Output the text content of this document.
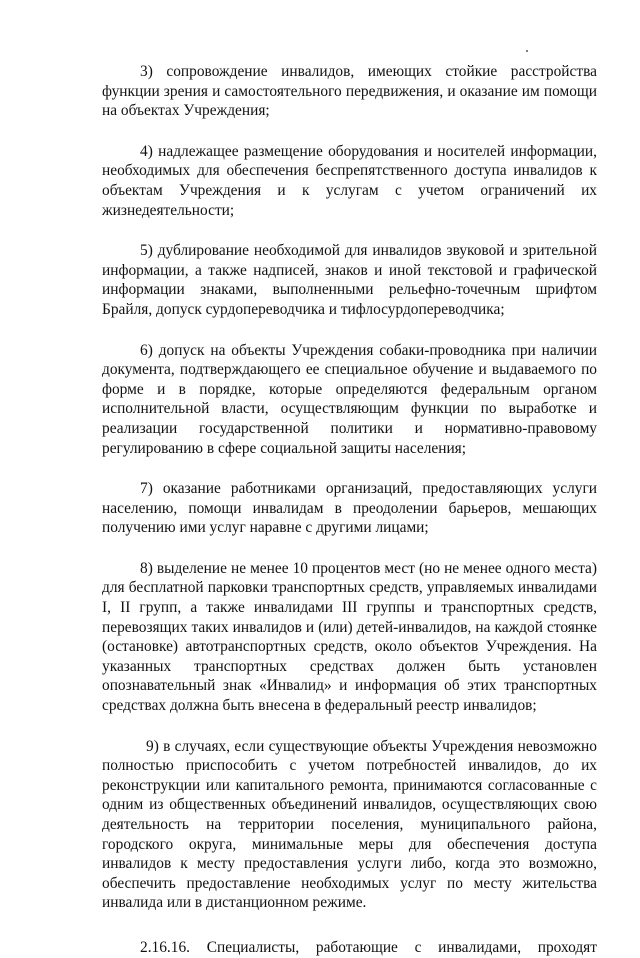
3) сопровождение инвалидов, имеющих стойкие расстройства функции зрения и самостоятельного передвижения, и оказание им помощи на объектах Учреждения;

4) надлежащее размещение оборудования и носителей информации, необходимых для обеспечения беспрепятственного доступа инвалидов к объектам Учреждения и к услугам с учетом ограничений их жизнедеятельности;

5) дублирование необходимой для инвалидов звуковой и зрительной информации, а также надписей, знаков и иной текстовой и графической информации знаками, выполненными рельефно-точечным шрифтом Брайля, допуск сурдопереводчика и тифлосурдопереводчика;

6) допуск на объекты Учреждения собаки-проводника при наличии документа, подтверждающего ее специальное обучение и выдаваемого по форме и в порядке, которые определяются федеральным органом исполнительной власти, осуществляющим функции по выработке и реализации государственной политики и нормативно-правовому регулированию в сфере социальной защиты населения;

7) оказание работниками организаций, предоставляющих услуги населению, помощи инвалидам в преодолении барьеров, мешающих получению ими услуг наравне с другими лицами;

8) выделение не менее 10 процентов мест (но не менее одного места) для бесплатной парковки транспортных средств, управляемых инвалидами I, II групп, а также инвалидами III группы и транспортных средств, перевозящих таких инвалидов и (или) детей-инвалидов, на каждой стоянке (остановке) автотранспортных средств, около объектов Учреждения. На указанных транспортных средствах должен быть установлен опознавательный знак «Инвалид» и информация об этих транспортных средствах должна быть внесена в федеральный реестр инвалидов;

9) в случаях, если существующие объекты Учреждения невозможно полностью приспособить с учетом потребностей инвалидов, до их реконструкции или капитального ремонта, принимаются согласованные с одним из общественных объединений инвалидов, осуществляющих свою деятельность на территории поселения, муниципального района, городского округа, минимальные меры для обеспечения доступа инвалидов к месту предоставления услуги либо, когда это возможно, обеспечить предоставление необходимых услуг по месту жительства инвалида или в дистанционном режиме.

2.16.16. Специалисты, работающие с инвалидами, проходят
